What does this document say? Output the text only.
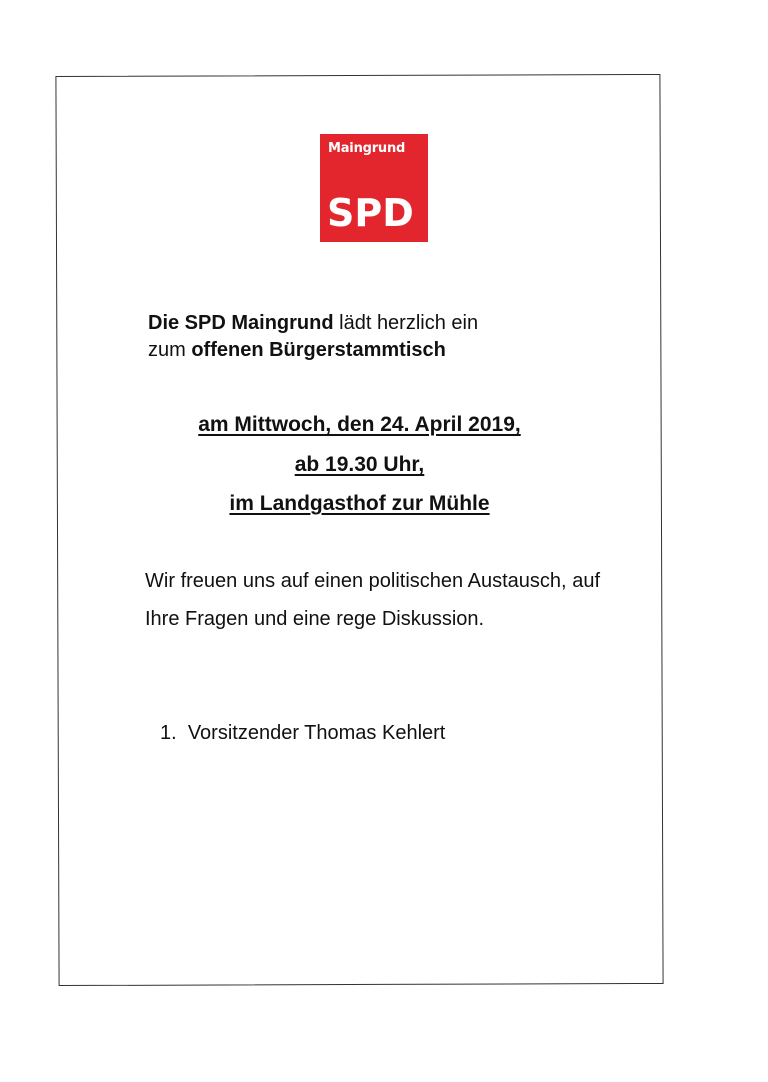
Maingrund
SPD
Die SPD Maingrund lädt herzlich ein
zum offenen Bürgerstammtisch
am Mittwoch, den 24. April 2019,
ab 19.30 Uhr,
im Landgasthof zur Mühle
Wir freuen uns auf einen politischen Austausch, auf Ihre Fragen und eine rege Diskussion.
1. Vorsitzender Thomas Kehlert
